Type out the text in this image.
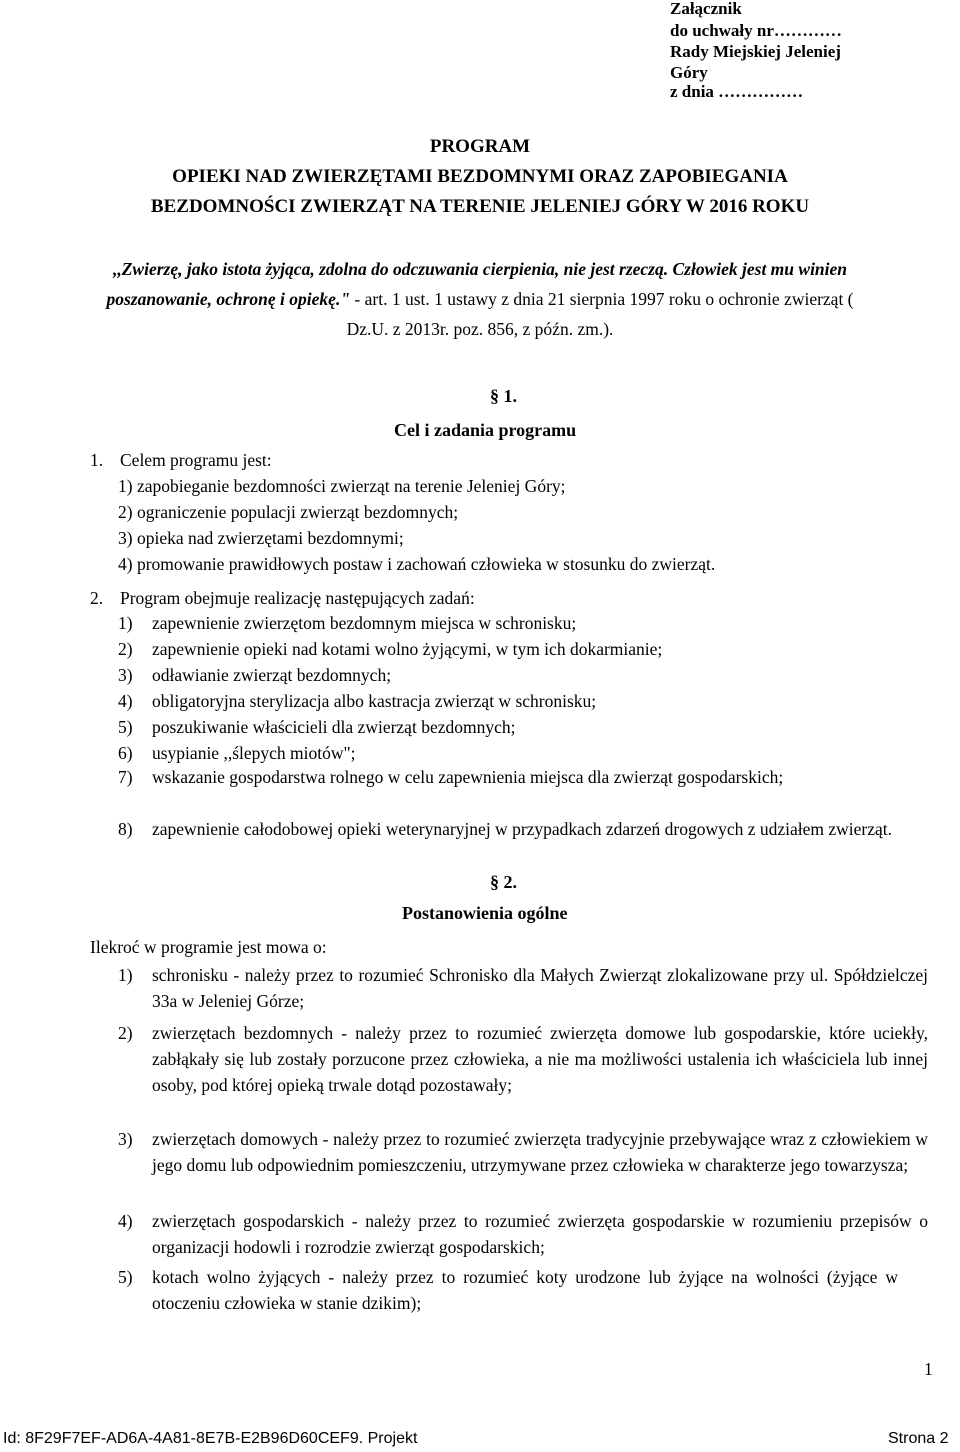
Załącznik
do uchwały nr…………
Rady Miejskiej Jeleniej
Góry
z dnia ……………
PROGRAM
OPIEKI NAD ZWIERZĘTAMI BEZDOMNYMI ORAZ ZAPOBIEGANIA
BEZDOMNOŚCI ZWIERZĄT NA TERENIE JELENIEJ GÓRY W 2016 ROKU
,,Zwierzę, jako istota żyjąca, zdolna do odczuwania cierpienia, nie jest rzeczą. Człowiek jest mu winien poszanowanie, ochronę i opiekę." - art. 1 ust. 1 ustawy z dnia 21 sierpnia 1997 roku o ochronie zwierząt ( Dz.U. z 2013r. poz. 856, z późn. zm.).
§ 1.
Cel i zadania programu
1. Celem programu jest:
1) zapobieganie bezdomności zwierząt na terenie Jeleniej Góry;
2) ograniczenie populacji zwierząt bezdomnych;
3) opieka nad zwierzętami bezdomnymi;
4) promowanie prawidłowych postaw i zachowań człowieka w stosunku do zwierząt.
2. Program obejmuje realizację następujących zadań:
1) zapewnienie zwierzętom bezdomnym miejsca w schronisku;
2) zapewnienie opieki nad kotami wolno żyjącymi, w tym ich dokarmianie;
3) odławianie zwierząt bezdomnych;
4) obligatoryjna sterylizacja albo kastracja zwierząt w schronisku;
5) poszukiwanie właścicieli dla zwierząt bezdomnych;
6) usypianie ,,ślepych miotów";
7) wskazanie gospodarstwa rolnego w celu zapewnienia miejsca dla zwierząt gospodarskich;
8) zapewnienie całodobowej opieki weterynaryjnej w przypadkach zdarzeń drogowych z udziałem zwierząt.
§ 2.
Postanowienia ogólne
Ilekroć w programie jest mowa o:
1) schronisku - należy przez to rozumieć Schronisko dla Małych Zwierząt zlokalizowane przy ul. Spółdzielczej 33a w Jeleniej Górze;
2) zwierzętach bezdomnych - należy przez to rozumieć zwierzęta domowe lub gospodarskie, które uciekły, zabłąkały się lub zostały porzucone przez człowieka, a nie ma możliwości ustalenia ich właściciela lub innej osoby, pod której opieką trwale dotąd pozostawały;
3) zwierzętach domowych - należy przez to rozumieć zwierzęta tradycyjnie przebywające wraz z człowiekiem w jego domu lub odpowiednim pomieszczeniu, utrzymywane przez człowieka w charakterze jego towarzysza;
4) zwierzętach gospodarskich - należy przez to rozumieć zwierzęta gospodarskie w rozumieniu przepisów o organizacji hodowli i rozrodzie zwierząt gospodarskich;
5) kotach wolno żyjących - należy przez to rozumieć koty urodzone lub żyjące na wolności (żyjące w otoczeniu człowieka w stanie dzikim);
1
Id: 8F29F7EF-AD6A-4A81-8E7B-E2B96D60CEF9. Projekt	Strona 2
